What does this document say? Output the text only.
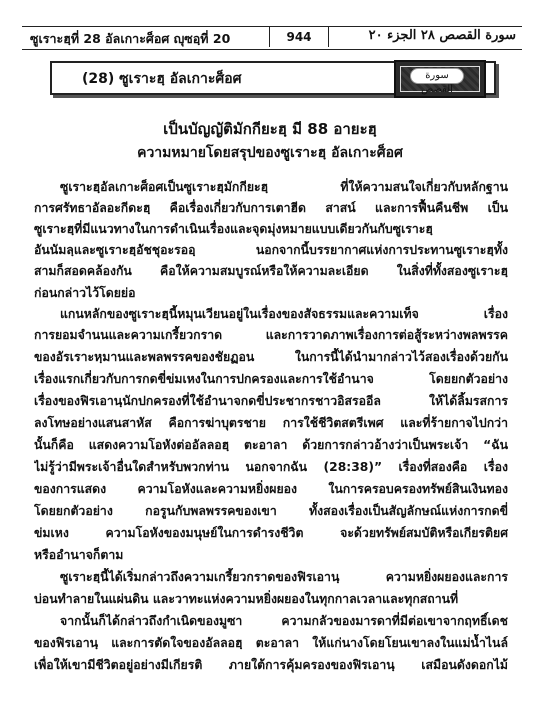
ซูเราะฮฺที่ 28 อัลเกาะศ็อศ ญุซอฺที่ 20	944	سورة القصص ٢٨ الجزء ٢٠
(28) ซูเราะฮฺ อัลเกาะศ็อศ	سورة القصص
เป็นบัญญัติมักกียะฮฺ มี 88 อายะฮฺ
ความหมายโดยสรุปของซูเราะฮฺ อัลเกาะศ็อศ
ซูเราะฮฺอัลเกาะศ็อศเป็นซูเราะฮฺมักกียะฮฺ ที่ให้ความสนใจเกี่ยวกับหลักฐาน
การศรัทธาอัลอะกีดะฮฺ คือเรื่องเกี่ยวกับการเตาฮีด สาสน์ และการฟื้นคืนชีพ เป็น
ซูเราะฮฺที่มีแนวทางในการดำเนินเรื่องและจุดมุ่งหมายแบบเดียวกันกับซูเราะฮฺ
อันนัมลฺและซูเราะฮฺอัชชุอะรออฺ นอกจากนี้บรรยากาศแห่งการประทานซูเราะฮฺทั้ง
สามก็สอดคล้องกัน คือให้ความสมบูรณ์หรือให้ความละเอียด ในสิ่งที่ทั้งสองซูเราะฮฺ
ก่อนกล่าวไว้โดยย่อ
แกนหลักของซูเราะฮฺนี้หมุนเวียนอยู่ในเรื่องของสัจธรรมและความเท็จ เรื่อง
การยอมจำนนและความเกรี้ยวกราด และการวาดภาพเรื่องการต่อสู้ระหว่างพลพรรค
ของอัรเราะหฺมานและพลพรรคของชัยฏอน ในการนี้ได้นำมากล่าวไว้สองเรื่องด้วยกัน
เรื่องแรกเกี่ยวกับการกดขี่ข่มเหงในการปกครองและการใช้อำนาจ โดยยกตัวอย่าง
เรื่องของฟิรเอานฺนักปกครองที่ใช้อำนาจกดขี่ประชากรชาวอิสรออีล ให้ได้ลิ้มรสการ
ลงโทษอย่างแสนสาหัส คือการฆ่าบุตรชาย การใช้ชีวิตสตรีเพศ และที่ร้ายกาจไปกว่า
นั้นก็คือ แสดงความโอหังต่ออัลลอฮฺ ตะอาลา ด้วยการกล่าวอ้างว่าเป็นพระเจ้า “ฉัน
ไม่รู้ว่ามีพระเจ้าอื่นใดสำหรับพวกท่าน นอกจากฉัน (28:38)” เรื่องที่สองคือ เรื่อง
ของการแสดง ความโอหังและความหยิ่งผยอง ในการครอบครองทรัพย์สินเงินทอง
โดยยกตัวอย่าง กอรูนกับพลพรรคของเขา ทั้งสองเรื่องเป็นสัญลักษณ์แห่งการกดขี่
ข่มเหง ความโอหังของมนุษย์ในการดำรงชีวิต จะด้วยทรัพย์สมบัติหรือเกียรติยศ
หรืออำนาจก็ตาม
ซูเราะฮฺนี้ได้เริ่มกล่าวถึงความเกรี้ยวกราดของฟิรเอานฺ ความหยิ่งผยองและการ
บ่อนทำลายในแผ่นดิน และวาทะแห่งความหยิ่งผยองในทุกกาลเวลาและทุกสถานที่
จากนั้นก็ได้กล่าวถึงกำเนิดของมูซา ความกลัวของมารดาที่มีต่อเขาจากฤทธิ์เดช
ของฟิรเอานฺ และการตัดใจของอัลลอฮฺ ตะอาลา ให้แก่นางโดยโยนเขาลงในแม่น้ำไนล์
เพื่อให้เขามีชีวิตอยู่อย่างมีเกียรติ ภายใต้การคุ้มครองของฟิรเอานฺ เสมือนดังดอกไม้
